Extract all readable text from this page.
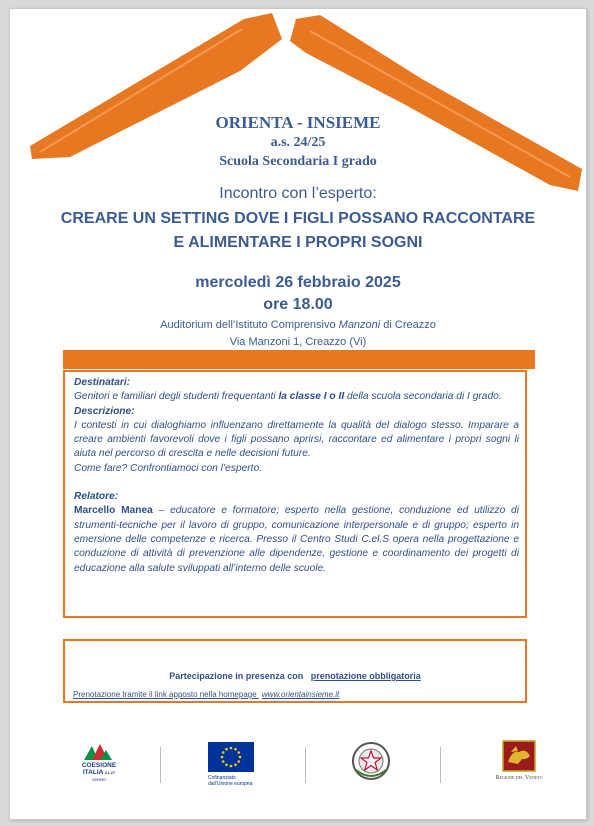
ORIENTA - INSIEME
a.s. 24/25
Scuola Secondaria I grado
Incontro con l’esperto:
CREARE UN SETTING DOVE I FIGLI POSSANO RACCONTARE
E ALIMENTARE I PROPRI SOGNI
mercoledì 26 febbraio 2025
ore 18.00
Auditorium dell’Istituto Comprensivo Manzoni di Creazzo
Via Manzoni 1, Creazzo (Vi)

Destinatari:

Genitori e familiari degli studenti frequentanti la classe I o II della scuola secondaria di I grado.

Descrizione:

I contesti in cui dialoghiamo influenzano direttamente la qualità del dialogo stesso. Imparare a creare ambienti favorevoli dove i figli possano aprirsi, raccontare ed alimentare i propri sogni li aiuta nel percorso di crescita e nelle decisioni future.

Come fare? Confrontiamoci con l’esperto.

Relatore:

Marcello Manea – educatore e formatore; esperto nella gestione, conduzione ed utilizzo di strumenti-tecniche per il lavoro di gruppo, comunicazione interpersonale e di gruppo; esperto in emersione delle competenze e ricerca. Presso il Centro Studi C.el.S opera nella progettazione e conduzione di attività di prevenzione alle dipendenze, gestione e coordinamento dei progetti di educazione alla salute sviluppati all’interno delle scuole.

Partecipazione in presenza con prenotazione obbligatoria
Prenotazione tramite il link apposto nella homepage www.orientainsieme.it
COESIONE
ITALIA 21-27
veneto	Cofinanziato
dall’Unione europea
Regione del Veneto
